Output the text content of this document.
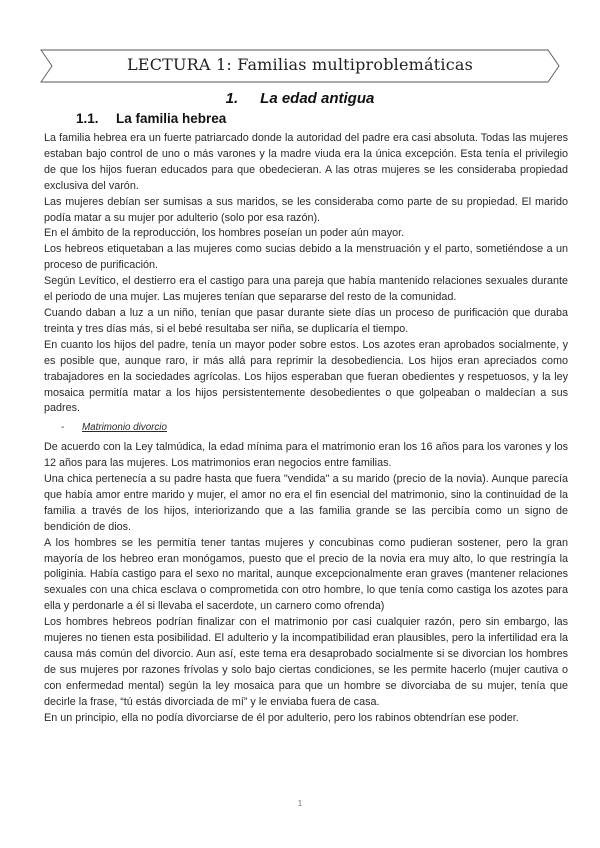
LECTURA 1: Familias multiproblemáticas
1. La edad antigua
1.1. La familia hebrea

La familia hebrea era un fuerte patriarcado donde la autoridad del padre era casi absoluta. Todas las mujeres estaban bajo control de uno o más varones y la madre viuda era la única excepción. Esta tenía el privilegio de que los hijos fueran educados para que obedecieran. A las otras mujeres se les consideraba propiedad exclusiva del varón.

Las mujeres debían ser sumisas a sus maridos, se les consideraba como parte de su propiedad. El marido podía matar a su mujer por adulterio (solo por esa razón).

En el ámbito de la reproducción, los hombres poseían un poder aún mayor.

Los hebreos etiquetaban a las mujeres como sucias debido a la menstruación y el parto, sometiéndose a un proceso de purificación.

Según Levítico, el destierro era el castigo para una pareja que había mantenido relaciones sexuales durante el periodo de una mujer. Las mujeres tenían que separarse del resto de la comunidad.

Cuando daban a luz a un niño, tenían que pasar durante siete días un proceso de purificación que duraba treinta y tres días más, si el bebé resultaba ser niña, se duplicaría el tiempo.

En cuanto los hijos del padre, tenía un mayor poder sobre estos. Los azotes eran aprobados socialmente, y es posible que, aunque raro, ir más allá para reprimir la desobediencia. Los hijos eran apreciados como trabajadores en la sociedades agrícolas. Los hijos esperaban que fueran obedientes y respetuosos, y la ley mosaica permitía matar a los hijos persistentemente desobedientes o que golpeaban o maldecían a sus padres.

- Matrimonio divorcio

De acuerdo con la Ley talmúdica, la edad mínima para el matrimonio eran los 16 años para los varones y los 12 años para las mujeres. Los matrimonios eran negocios entre familias.

Una chica pertenecía a su padre hasta que fuera "vendida" a su marido (precio de la novia). Aunque parecía que había amor entre marido y mujer, el amor no era el fin esencial del matrimonio, sino la continuidad de la familia a través de los hijos, interiorizando que a las familia grande se las percibía como un signo de bendición de dios.

A los hombres se les permitía tener tantas mujeres y concubinas como pudieran sostener, pero la gran mayoría de los hebreo eran monógamos, puesto que el precio de la novia era muy alto, lo que restringía la poliginia. Había castigo para el sexo no marital, aunque excepcionalmente eran graves (mantener relaciones sexuales con una chica esclava o comprometida con otro hombre, lo que tenía como castiga los azotes para ella y perdonarle a él si llevaba el sacerdote, un carnero como ofrenda)

Los hombres hebreos podrían finalizar con el matrimonio por casi cualquier razón, pero sin embargo, las mujeres no tienen esta posibilidad. El adulterio y la incompatibilidad eran plausibles, pero la infertilidad era la causa más común del divorcio. Aun así, este tema era desaprobado socialmente si se divorcian los hombres de sus mujeres por razones frívolas y solo bajo ciertas condiciones, se les permite hacerlo (mujer cautiva o con enfermedad mental) según la ley mosaica para que un hombre se divorciaba de su mujer, tenía que decirle la frase, “tú estás divorciada de mí” y le enviaba fuera de casa.

En un principio, ella no podía divorciarse de él por adulterio, pero los rabinos obtendrían ese poder.

1
